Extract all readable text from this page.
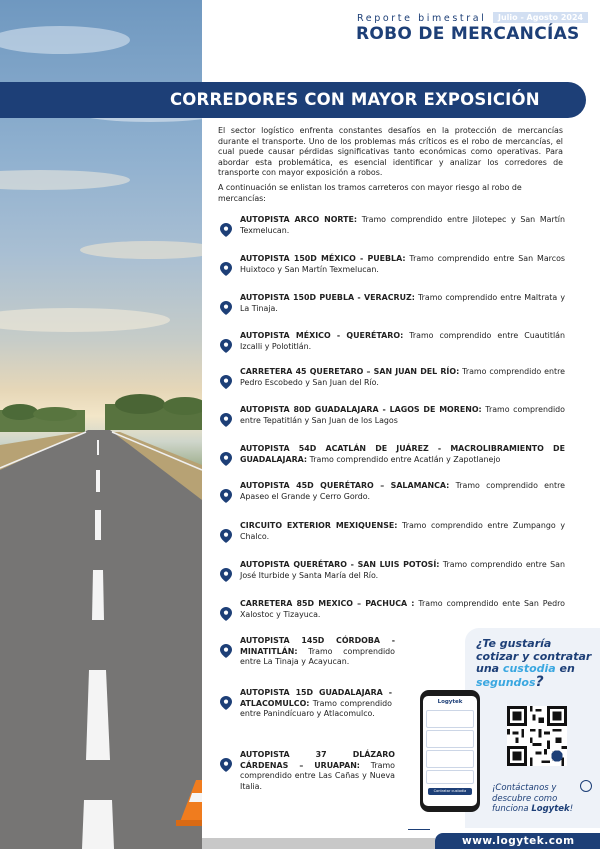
Reporte bimestral	Julio - Agosto 2024
ROBO DE MERCANCÍAS
CORREDORES CON MAYOR EXPOSICIÓN

El sector logístico enfrenta constantes desafíos en la protección de mercancías durante el transporte. Uno de los problemas más críticos es el robo de mercancías, el cual puede causar pérdidas significativas tanto económicas como operativas. Para abordar esta problemática, es esencial identificar y analizar los corredores de transporte con mayor exposición a robos.

A continuación se enlistan los tramos carreteros con mayor riesgo al robo de mercancías:

AUTOPISTA ARCO NORTE: Tramo comprendido entre Jilotepec y San Martín Texmelucan.
AUTOPISTA 150D MÉXICO - PUEBLA: Tramo comprendido entre San Marcos Huixtoco y San Martín Texmelucan.
AUTOPISTA 150D PUEBLA - VERACRUZ: Tramo comprendido entre Maltrata y La Tinaja.
AUTOPISTA MÉXICO - QUERÉTARO: Tramo comprendido entre Cuautitlán Izcalli y Polotitlán.
CARRETERA 45 QUERETARO – SAN JUAN DEL RÍO: Tramo comprendido entre Pedro Escobedo y San Juan del Río.
AUTOPISTA 80D GUADALAJARA - LAGOS DE MORENO: Tramo comprendido entre Tepatitlán y San Juan de los Lagos
AUTOPISTA 54D ACATLÁN DE JUÁREZ - MACROLIBRAMIENTO DE GUADALAJARA: Tramo comprendido entre Acatlán y Zapotlanejo
AUTOPISTA 45D QUERÉTARO – SALAMANCA: Tramo comprendido entre Apaseo el Grande y Cerro Gordo.
CIRCUITO EXTERIOR MEXIQUENSE: Tramo comprendido entre Zumpango y Chalco.
AUTOPISTA QUERÉTARO - SAN LUIS POTOSÍ: Tramo comprendido entre San José Iturbide y Santa María del Río.
CARRETERA 85D MEXICO – PACHUCA : Tramo comprendido ente San Pedro Xalostoc y Tizayuca.
AUTOPISTA 145D CÓRDOBA - MINATITLÁN: Tramo comprendido entre La Tinaja y Acayucan.
AUTOPISTA 15D GUADALAJARA - ATLACOMULCO: Tramo comprendido entre Panindícuaro y Atlacomulco.
AUTOPISTA 37 DLÁZARO CÁRDENAS – URUAPAN: Tramo comprendido entre Las Cañas y Nueva Italia.
¿Te gustaría
cotizar y contratar
una custodia en
segundos?
Logytek
Contratar custodia	¡Contáctanos y
descubre como
funciona Logytek!
www.logytek.com
